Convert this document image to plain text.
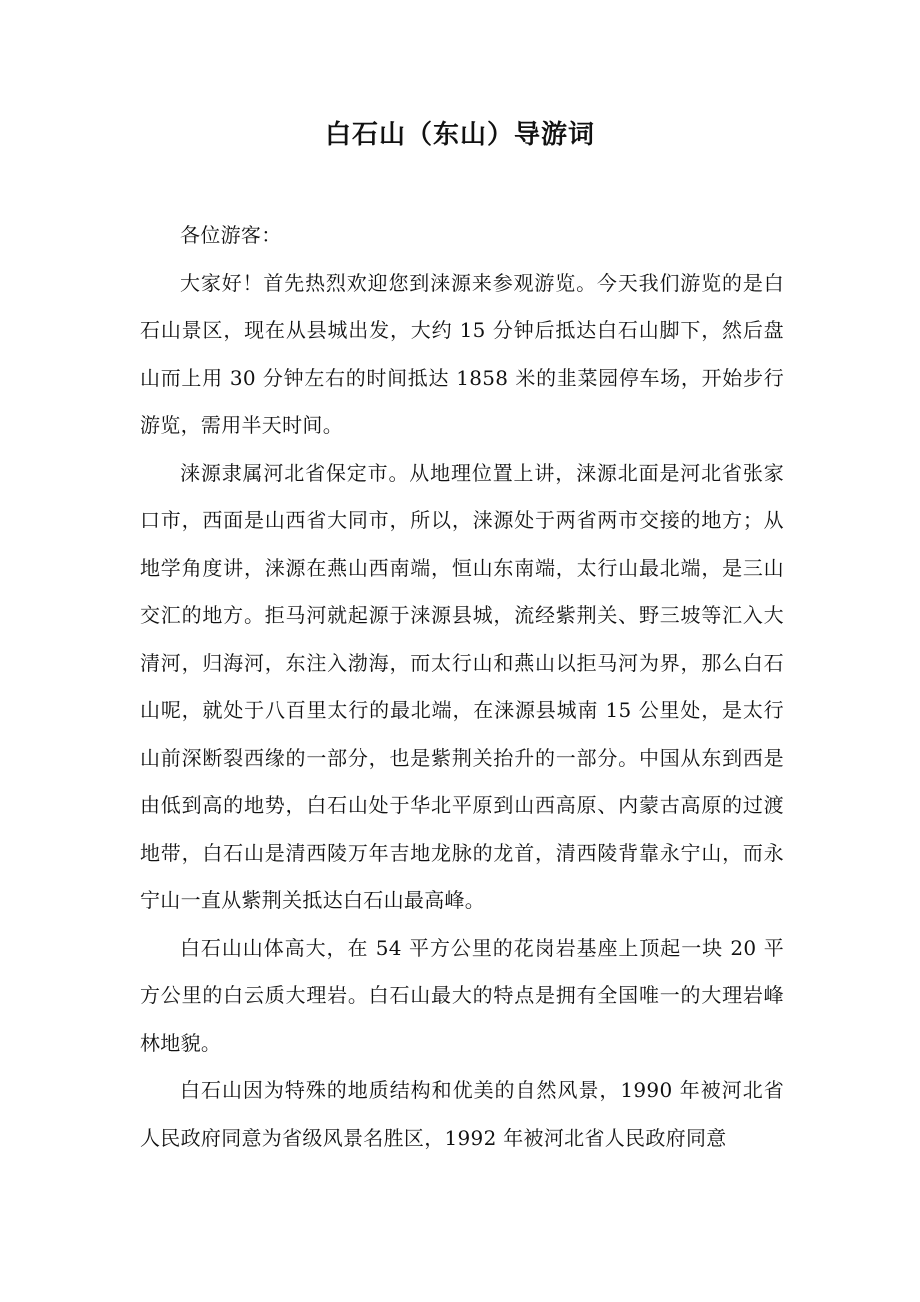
白石山（东山）导游词

各位游客：

大家好！首先热烈欢迎您到涞源来参观游览。今天我们游览的是白石山景区，现在从县城出发，大约 15 分钟后抵达白石山脚下，然后盘山而上用 30 分钟左右的时间抵达 1858 米的韭菜园停车场，开始步行游览，需用半天时间。

涞源隶属河北省保定市。从地理位置上讲，涞源北面是河北省张家口市，西面是山西省大同市，所以，涞源处于两省两市交接的地方；从地学角度讲，涞源在燕山西南端，恒山东南端，太行山最北端，是三山交汇的地方。拒马河就起源于涞源县城，流经紫荆关、野三坡等汇入大清河，归海河，东注入渤海，而太行山和燕山以拒马河为界，那么白石山呢，就处于八百里太行的最北端，在涞源县城南 15 公里处，是太行山前深断裂西缘的一部分，也是紫荆关抬升的一部分。中国从东到西是由低到高的地势，白石山处于华北平原到山西高原、内蒙古高原的过渡地带，白石山是清西陵万年吉地龙脉的龙首，清西陵背靠永宁山，而永宁山一直从紫荆关抵达白石山最高峰。

白石山山体高大，在 54 平方公里的花岗岩基座上顶起一块 20 平方公里的白云质大理岩。白石山最大的特点是拥有全国唯一的大理岩峰林地貌。

白石山因为特殊的地质结构和优美的自然风景，1990 年被河北省人民政府同意为省级风景名胜区，1992 年被河北省人民政府同意
